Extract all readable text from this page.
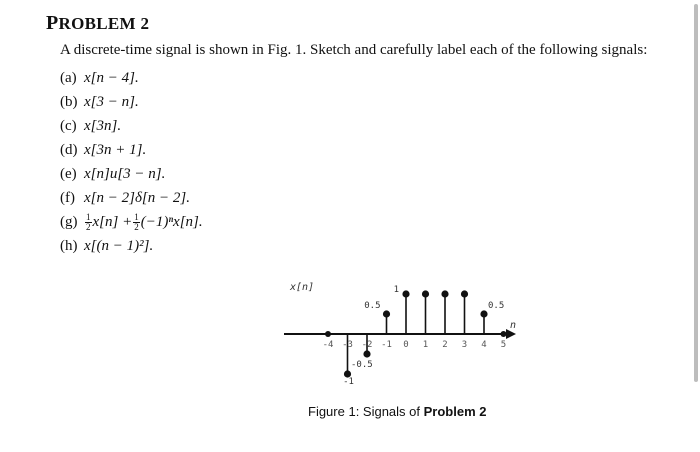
PROBLEM 2
A discrete-time signal is shown in Fig. 1. Sketch and carefully label each of the following signals:
(a) x[n − 4].
(b) x[3 − n].
(c) x[3n].
(d) x[3n + 1].
(e) x[n]u[3 − n].
(f) x[n − 2]δ[n − 2].
$(g) \frac{1}{2} x[n] + \frac{1}{2} (-1)^nx[n]$.
(h) x[(n − 1)²].
n
x[n]
-4 -3 -2 -1 0 1 2 3 4 5
-1
-0.5
0.5
1
0.5
Figure 1: Signals of Problem 2
